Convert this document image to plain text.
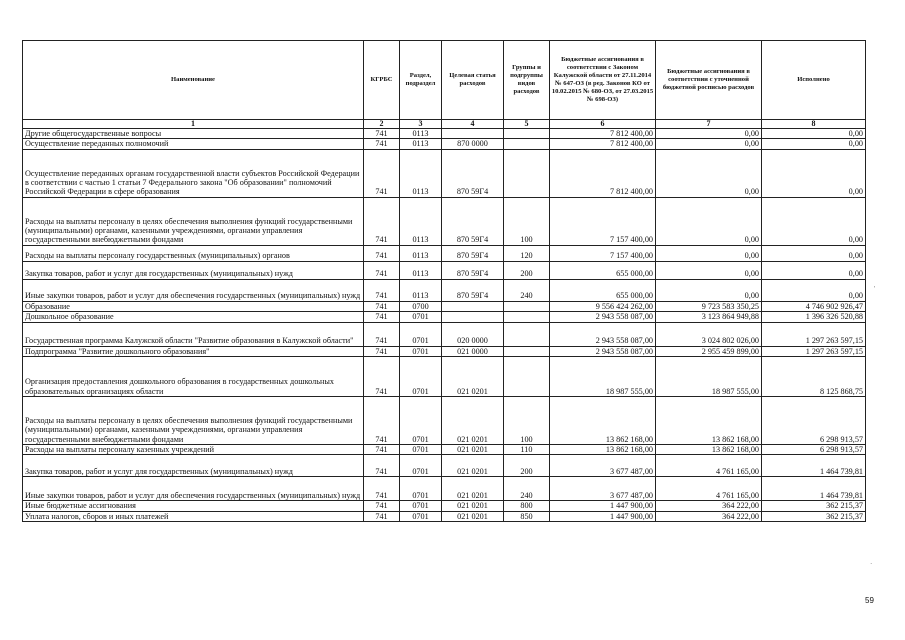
Наименование	КГРБС	Раздел, подраздел	Целевая статья расходов	Группы и подгруппы видов расходов	Бюджетные ассигнования в соответствии с Законом Калужской области от 27.11.2014 № 647-ОЗ (в ред. Законов КО от 10.02.2015 № 680-ОЗ, от 27.03.2015 № 698-ОЗ)	Бюджетные ассигнования в соответствии с уточненной бюджетной росписью расходов	Исполнено
1	2	3	4	5	6	7	8
Другие общегосударственные вопросы	741	0113			7 812 400,00	0,00	0,00
Осуществление переданных полномочий	741	0113	870 0000		7 812 400,00	0,00	0,00
Осуществление переданных органам государственной власти субъектов Российской Федерации в соответствии с частью 1 статьи 7 Федерального закона "Об образовании" полномочий Российской Федерации в сфере образования	741	0113	870 59Г4		7 812 400,00	0,00	0,00
Расходы на выплаты персоналу в целях обеспечения выполнения функций государственными (муниципальными) органами, казенными учреждениями, органами управления государственными внебюджетными фондами	741	0113	870 59Г4	100	7 157 400,00	0,00	0,00
Расходы на выплаты персоналу государственных (муниципальных) органов	741	0113	870 59Г4	120	7 157 400,00	0,00	0,00
Закупка товаров, работ и услуг для государственных (муниципальных) нужд	741	0113	870 59Г4	200	655 000,00	0,00	0,00
Иные закупки товаров, работ и услуг для обеспечения государственных (муниципальных) нужд	741	0113	870 59Г4	240	655 000,00	0,00	0,00
Образование	741	0700			9 556 424 262,00	9 723 583 350,25	4 746 902 926,47
Дошкольное образование	741	0701			2 943 558 087,00	3 123 864 949,88	1 396 326 520,88
Государственная программа Калужской области "Развитие образования в Калужской области"	741	0701	020 0000		2 943 558 087,00	3 024 802 026,00	1 297 263 597,15
Подпрограмма "Развитие дошкольного образования"	741	0701	021 0000		2 943 558 087,00	2 955 459 899,00	1 297 263 597,15
Организация предоставления дошкольного образования в государственных дошкольных образовательных организациях области	741	0701	021 0201		18 987 555,00	18 987 555,00	8 125 868,75
Расходы на выплаты персоналу в целях обеспечения выполнения функций государственными (муниципальными) органами, казенными учреждениями, органами управления государственными внебюджетными фондами	741	0701	021 0201	100	13 862 168,00	13 862 168,00	6 298 913,57
Расходы на выплаты персоналу казенных учреждений	741	0701	021 0201	110	13 862 168,00	13 862 168,00	6 298 913,57
Закупка товаров, работ и услуг для государственных (муниципальных) нужд	741	0701	021 0201	200	3 677 487,00	4 761 165,00	1 464 739,81
Иные закупки товаров, работ и услуг для обеспечения государственных (муниципальных) нужд	741	0701	021 0201	240	3 677 487,00	4 761 165,00	1 464 739,81
Иные бюджетные ассигнования	741	0701	021 0201	800	1 447 900,00	364 222,00	362 215,37
Уплата налогов, сборов и иных платежей	741	0701	021 0201	850	1 447 900,00	364 222,00	362 215,37
59
'
·
